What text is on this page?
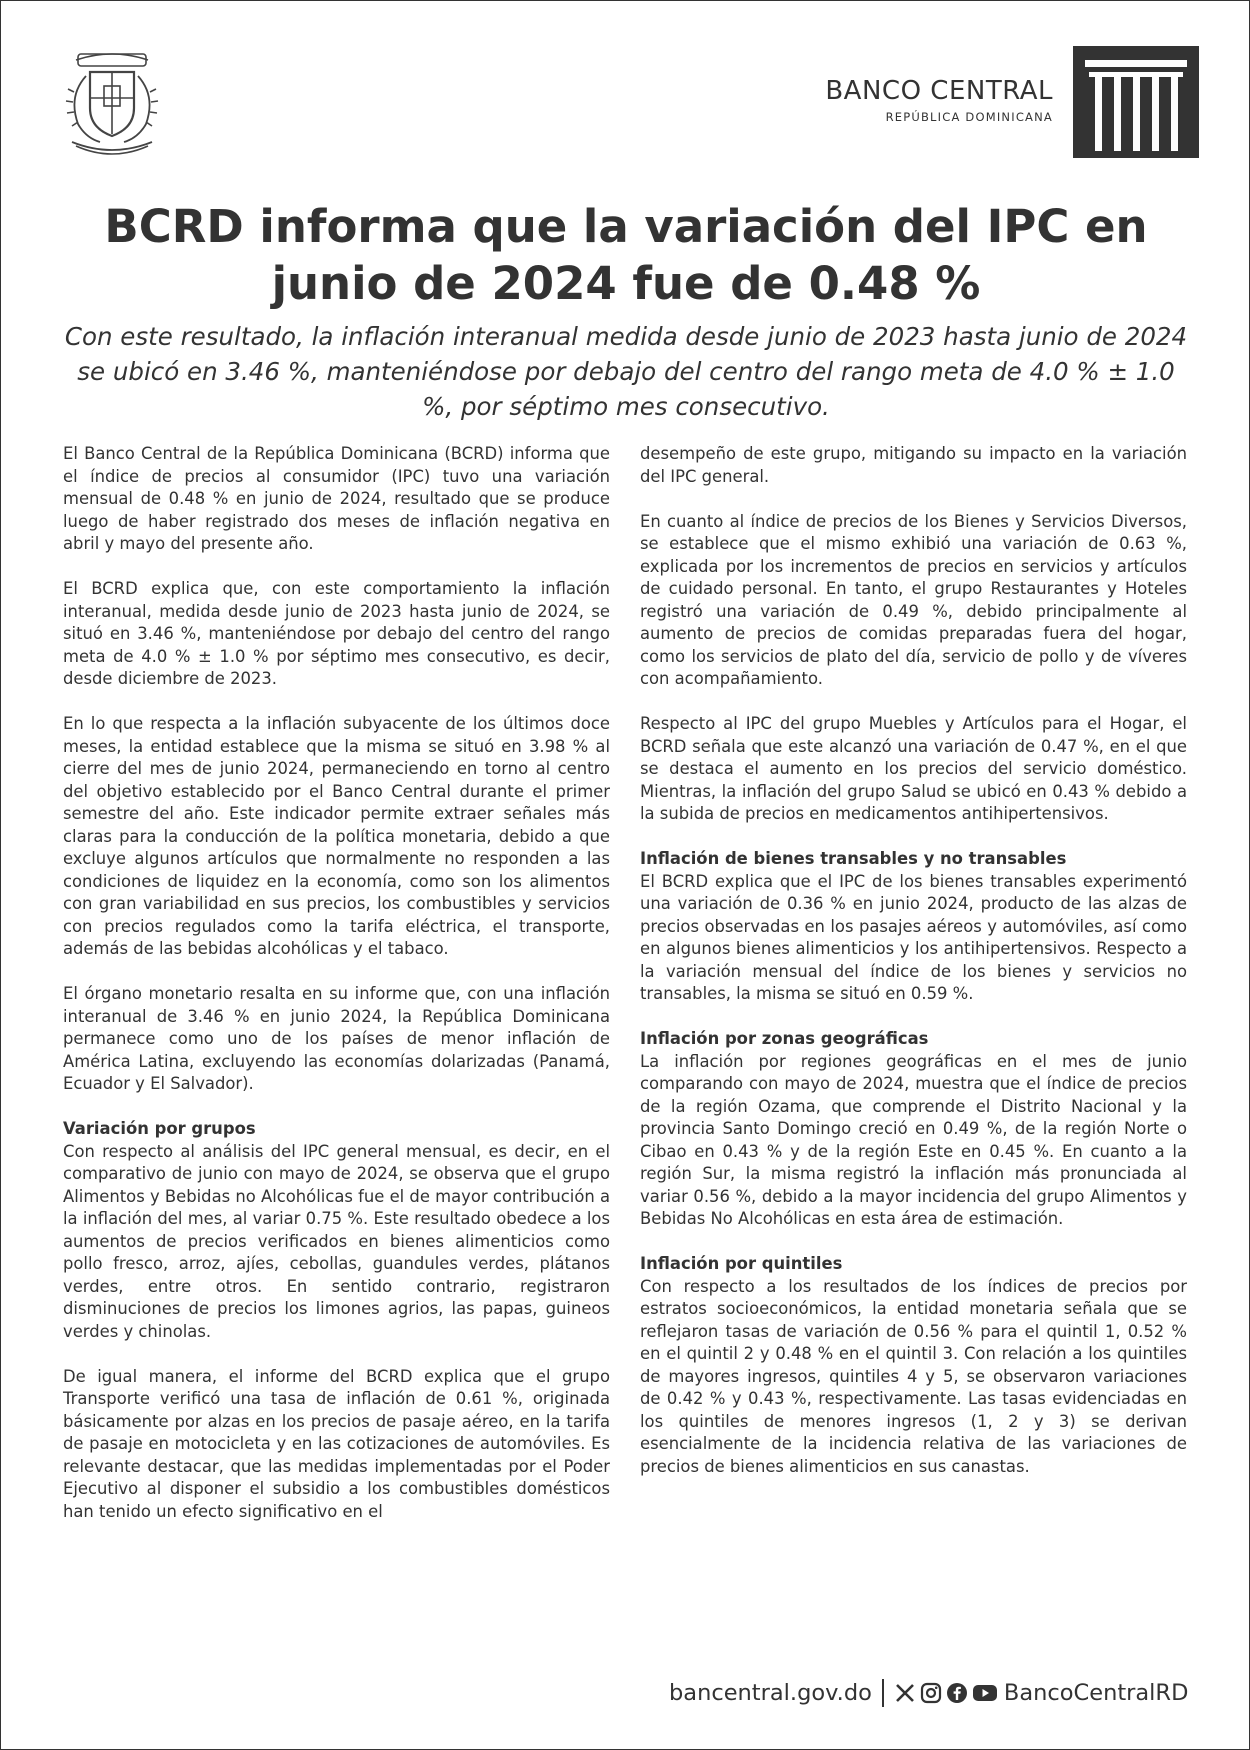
BANCO CENTRAL
REPÚBLICA DOMINICANA
BCRD informa que la variación del IPC en
junio de 2024 fue de 0.48 %

Con este resultado, la inflación interanual medida desde junio de 2023 hasta junio de 2024 se ubicó en 3.46 %, manteniéndose por debajo del centro del rango meta de 4.0 % ± 1.0 %, por séptimo mes consecutivo.

El Banco Central de la República Dominicana (BCRD) informa que el índice de precios al consumidor (IPC) tuvo una variación mensual de 0.48 % en junio de 2024, resultado que se produce luego de haber registrado dos meses de inflación negativa en abril y mayo del presente año.

El BCRD explica que, con este comportamiento la inflación interanual, medida desde junio de 2023 hasta junio de 2024, se situó en 3.46 %, manteniéndose por debajo del centro del rango meta de 4.0 % ± 1.0 % por séptimo mes consecutivo, es decir, desde diciembre de 2023.

En lo que respecta a la inflación subyacente de los últimos doce meses, la entidad establece que la misma se situó en 3.98 % al cierre del mes de junio 2024, permaneciendo en torno al centro del objetivo establecido por el Banco Central durante el primer semestre del año. Este indicador permite extraer señales más claras para la conducción de la política monetaria, debido a que excluye algunos artículos que normalmente no responden a las condiciones de liquidez en la economía, como son los alimentos con gran variabilidad en sus precios, los combustibles y servicios con precios regulados como la tarifa eléctrica, el transporte, además de las bebidas alcohólicas y el tabaco.

El órgano monetario resalta en su informe que, con una inflación interanual de 3.46 % en junio 2024, la República Dominicana permanece como uno de los países de menor inflación de América Latina, excluyendo las economías dolarizadas (Panamá, Ecuador y El Salvador).

Variación por grupos

Con respecto al análisis del IPC general mensual, es decir, en el comparativo de junio con mayo de 2024, se observa que el grupo Alimentos y Bebidas no Alcohólicas fue el de mayor contribución a la inflación del mes, al variar 0.75 %. Este resultado obedece a los aumentos de precios verificados en bienes alimenticios como pollo fresco, arroz, ajíes, cebollas, guandules verdes, plátanos verdes, entre otros. En sentido contrario, registraron disminuciones de precios los limones agrios, las papas, guineos verdes y chinolas.

De igual manera, el informe del BCRD explica que el grupo Transporte verificó una tasa de inflación de 0.61 %, originada básicamente por alzas en los precios de pasaje aéreo, en la tarifa de pasaje en motocicleta y en las cotizaciones de automóviles. Es relevante destacar, que las medidas implementadas por el Poder Ejecutivo al disponer el subsidio a los combustibles domésticos han tenido un efecto significativo en el

desempeño de este grupo, mitigando su impacto en la variación del IPC general.

En cuanto al índice de precios de los Bienes y Servicios Diversos, se establece que el mismo exhibió una variación de 0.63 %, explicada por los incrementos de precios en servicios y artículos de cuidado personal. En tanto, el grupo Restaurantes y Hoteles registró una variación de 0.49 %, debido principalmente al aumento de precios de comidas preparadas fuera del hogar, como los servicios de plato del día, servicio de pollo y de víveres con acompañamiento.

Respecto al IPC del grupo Muebles y Artículos para el Hogar, el BCRD señala que este alcanzó una variación de 0.47 %, en el que se destaca el aumento en los precios del servicio doméstico. Mientras, la inflación del grupo Salud se ubicó en 0.43 % debido a la subida de precios en medicamentos antihipertensivos.

Inflación de bienes transables y no transables

El BCRD explica que el IPC de los bienes transables experimentó una variación de 0.36 % en junio 2024, producto de las alzas de precios observadas en los pasajes aéreos y automóviles, así como en algunos bienes alimenticios y los antihipertensivos. Respecto a la variación mensual del índice de los bienes y servicios no transables, la misma se situó en 0.59 %.

Inflación por zonas geográficas

La inflación por regiones geográficas en el mes de junio comparando con mayo de 2024, muestra que el índice de precios de la región Ozama, que comprende el Distrito Nacional y la provincia Santo Domingo creció en 0.49 %, de la región Norte o Cibao en 0.43 % y de la región Este en 0.45 %. En cuanto a la región Sur, la misma registró la inflación más pronunciada al variar 0.56 %, debido a la mayor incidencia del grupo Alimentos y Bebidas No Alcohólicas en esta área de estimación.

Inflación por quintiles

Con respecto a los resultados de los índices de precios por estratos socioeconómicos, la entidad monetaria señala que se reflejaron tasas de variación de 0.56 % para el quintil 1, 0.52 % en el quintil 2 y 0.48 % en el quintil 3. Con relación a los quintiles de mayores ingresos, quintiles 4 y 5, se observaron variaciones de 0.42 % y 0.43 %, respectivamente. Las tasas evidenciadas en los quintiles de menores ingresos (1, 2 y 3) se derivan esencialmente de la incidencia relativa de las variaciones de precios de bienes alimenticios en sus canastas.

bancentral.gov.do	BancoCentralRD
